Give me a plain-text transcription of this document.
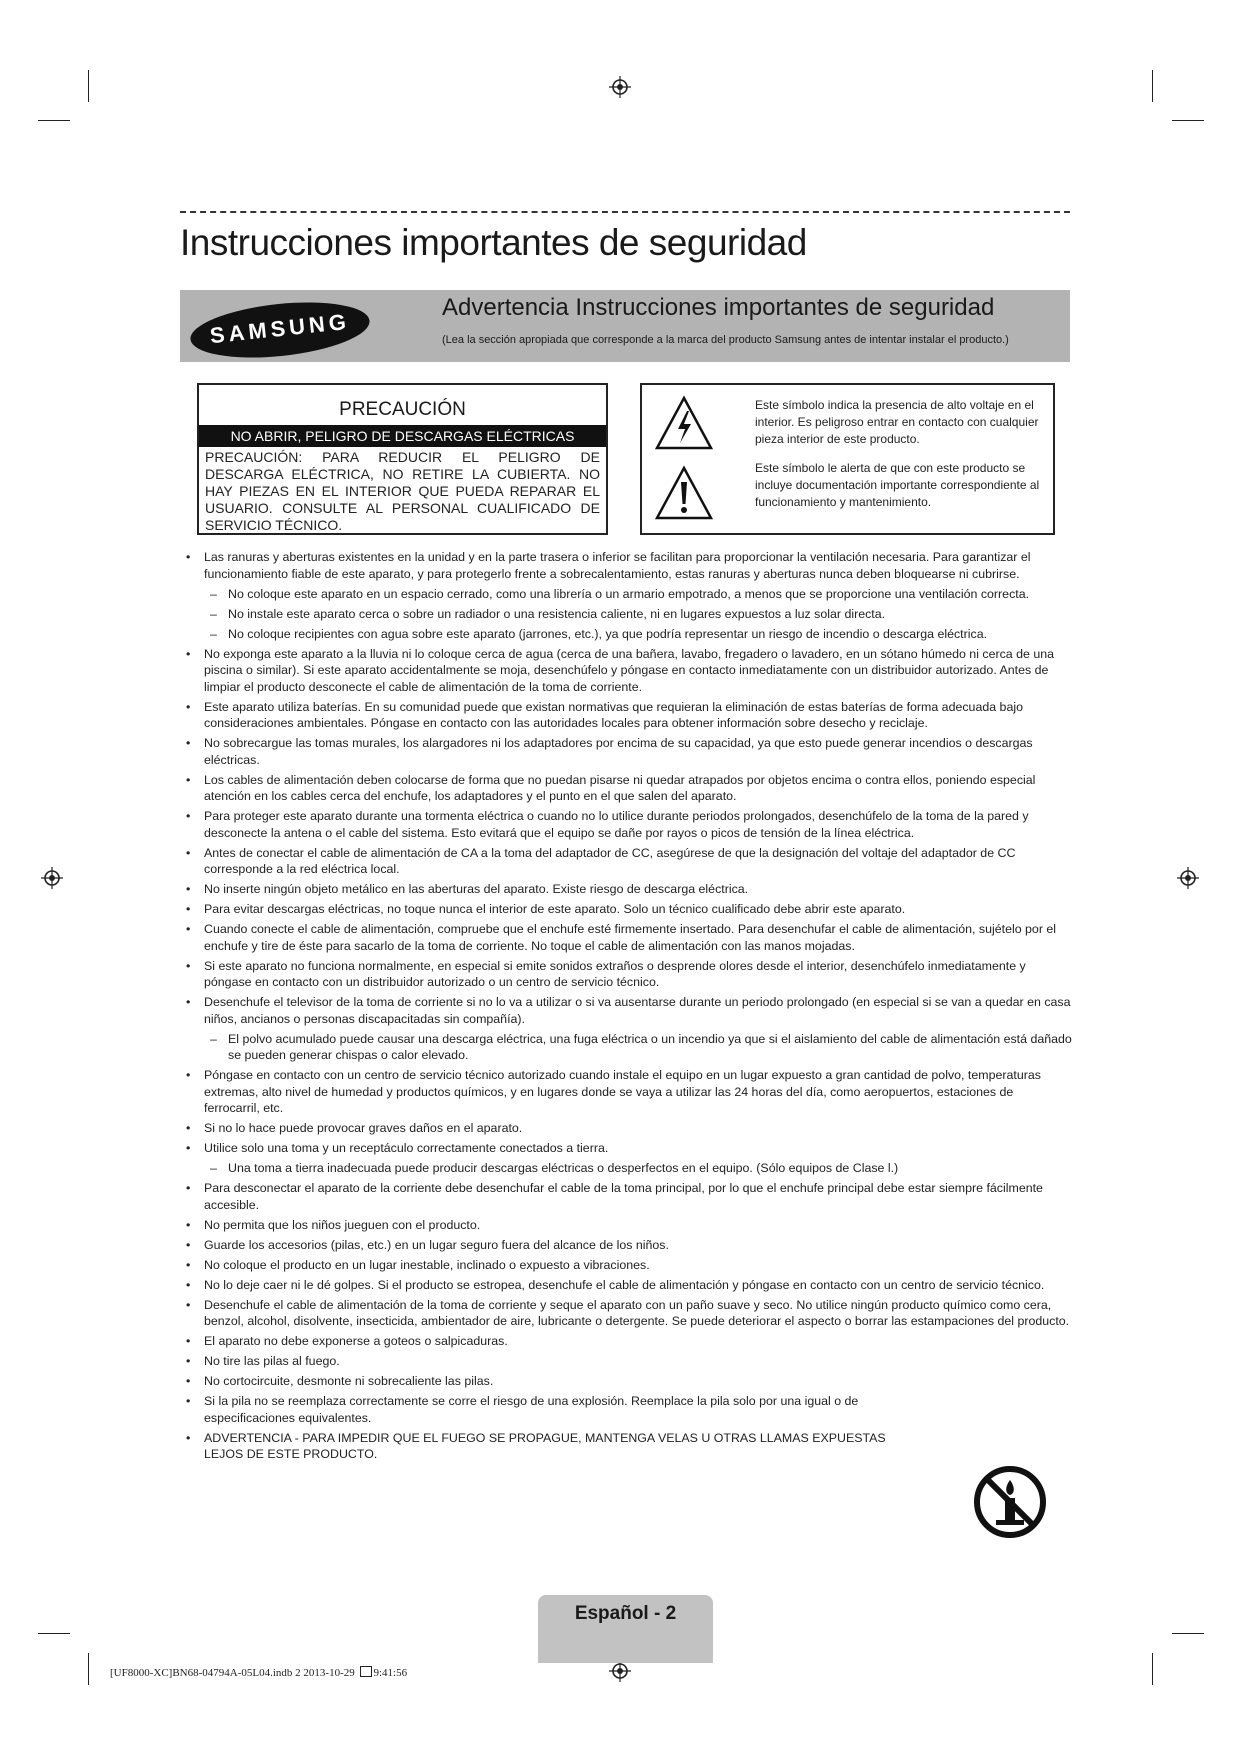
Instrucciones importantes de seguridad
SAMSUNG
Advertencia Instrucciones importantes de seguridad
(Lea la sección apropiada que corresponde a la marca del producto Samsung antes de intentar instalar el producto.)
PRECAUCIÓN
NO ABRIR, PELIGRO DE DESCARGAS ELÉCTRICAS
PRECAUCIÓN: PARA REDUCIR EL PELIGRO DE DESCARGA ELÉCTRICA, NO RETIRE LA CUBIERTA. NO HAY PIEZAS EN EL INTERIOR QUE PUEDA REPARAR EL USUARIO. CONSULTE AL PERSONAL CUALIFICADO DE SERVICIO TÉCNICO.
Este símbolo indica la presencia de alto voltaje en el interior. Es peligroso entrar en contacto con cualquier pieza interior de este producto.
Este símbolo le alerta de que con este producto se incluye documentación importante correspondiente al funcionamiento y mantenimiento.
• Las ranuras y aberturas existentes en la unidad y en la parte trasera o inferior se facilitan para proporcionar la ventilación necesaria. Para garantizar el funcionamiento fiable de este aparato, y para protegerlo frente a sobrecalentamiento, estas ranuras y aberturas nunca deben bloquearse ni cubrirse.
– No coloque este aparato en un espacio cerrado, como una librería o un armario empotrado, a menos que se proporcione una ventilación correcta.
– No instale este aparato cerca o sobre un radiador o una resistencia caliente, ni en lugares expuestos a luz solar directa.
– No coloque recipientes con agua sobre este aparato (jarrones, etc.), ya que podría representar un riesgo de incendio o descarga eléctrica.
• No exponga este aparato a la lluvia ni lo coloque cerca de agua (cerca de una bañera, lavabo, fregadero o lavadero, en un sótano húmedo ni cerca de una piscina o similar). Si este aparato accidentalmente se moja, desenchúfelo y póngase en contacto inmediatamente con un distribuidor autorizado. Antes de limpiar el producto desconecte el cable de alimentación de la toma de corriente.
• Este aparato utiliza baterías. En su comunidad puede que existan normativas que requieran la eliminación de estas baterías de forma adecuada bajo consideraciones ambientales. Póngase en contacto con las autoridades locales para obtener información sobre desecho y reciclaje.
• No sobrecargue las tomas murales, los alargadores ni los adaptadores por encima de su capacidad, ya que esto puede generar incendios o descargas eléctricas.
• Los cables de alimentación deben colocarse de forma que no puedan pisarse ni quedar atrapados por objetos encima o contra ellos, poniendo especial atención en los cables cerca del enchufe, los adaptadores y el punto en el que salen del aparato.
• Para proteger este aparato durante una tormenta eléctrica o cuando no lo utilice durante periodos prolongados, desenchúfelo de la toma de la pared y desconecte la antena o el cable del sistema. Esto evitará que el equipo se dañe por rayos o picos de tensión de la línea eléctrica.
• Antes de conectar el cable de alimentación de CA a la toma del adaptador de CC, asegúrese de que la designación del voltaje del adaptador de CC corresponde a la red eléctrica local.
• No inserte ningún objeto metálico en las aberturas del aparato. Existe riesgo de descarga eléctrica.
• Para evitar descargas eléctricas, no toque nunca el interior de este aparato. Solo un técnico cualificado debe abrir este aparato.
• Cuando conecte el cable de alimentación, compruebe que el enchufe esté firmemente insertado. Para desenchufar el cable de alimentación, sujételo por el enchufe y tire de éste para sacarlo de la toma de corriente. No toque el cable de alimentación con las manos mojadas.
• Si este aparato no funciona normalmente, en especial si emite sonidos extraños o desprende olores desde el interior, desenchúfelo inmediatamente y póngase en contacto con un distribuidor autorizado o un centro de servicio técnico.
• Desenchufe el televisor de la toma de corriente si no lo va a utilizar o si va ausentarse durante un periodo prolongado (en especial si se van a quedar en casa niños, ancianos o personas discapacitadas sin compañía).
– El polvo acumulado puede causar una descarga eléctrica, una fuga eléctrica o un incendio ya que si el aislamiento del cable de alimentación está dañado se pueden generar chispas o calor elevado.
• Póngase en contacto con un centro de servicio técnico autorizado cuando instale el equipo en un lugar expuesto a gran cantidad de polvo, temperaturas extremas, alto nivel de humedad y productos químicos, y en lugares donde se vaya a utilizar las 24 horas del día, como aeropuertos, estaciones de ferrocarril, etc.
• Si no lo hace puede provocar graves daños en el aparato.
• Utilice solo una toma y un receptáculo correctamente conectados a tierra.
– Una toma a tierra inadecuada puede producir descargas eléctricas o desperfectos en el equipo. (Sólo equipos de Clase l.)
• Para desconectar el aparato de la corriente debe desenchufar el cable de la toma principal, por lo que el enchufe principal debe estar siempre fácilmente accesible.
• No permita que los niños jueguen con el producto.
• Guarde los accesorios (pilas, etc.) en un lugar seguro fuera del alcance de los niños.
• No coloque el producto en un lugar inestable, inclinado o expuesto a vibraciones.
• No lo deje caer ni le dé golpes. Si el producto se estropea, desenchufe el cable de alimentación y póngase en contacto con un centro de servicio técnico.
• Desenchufe el cable de alimentación de la toma de corriente y seque el aparato con un paño suave y seco. No utilice ningún producto químico como cera, benzol, alcohol, disolvente, insecticida, ambientador de aire, lubricante o detergente. Se puede deteriorar el aspecto o borrar las estampaciones del producto.
• El aparato no debe exponerse a goteos o salpicaduras.
• No tire las pilas al fuego.
• No cortocircuite, desmonte ni sobrecaliente las pilas.
• Si la pila no se reemplaza correctamente se corre el riesgo de una explosión. Reemplace la pila solo por una igual o de especificaciones equivalentes.
• ADVERTENCIA - PARA IMPEDIR QUE EL FUEGO SE PROPAGUE, MANTENGA VELAS U OTRAS LLAMAS EXPUESTAS LEJOS DE ESTE PRODUCTO.
Español - 2
[UF8000-XC]BN68-04794A-05L04.indb 2 2013-10-29 9:41:56
